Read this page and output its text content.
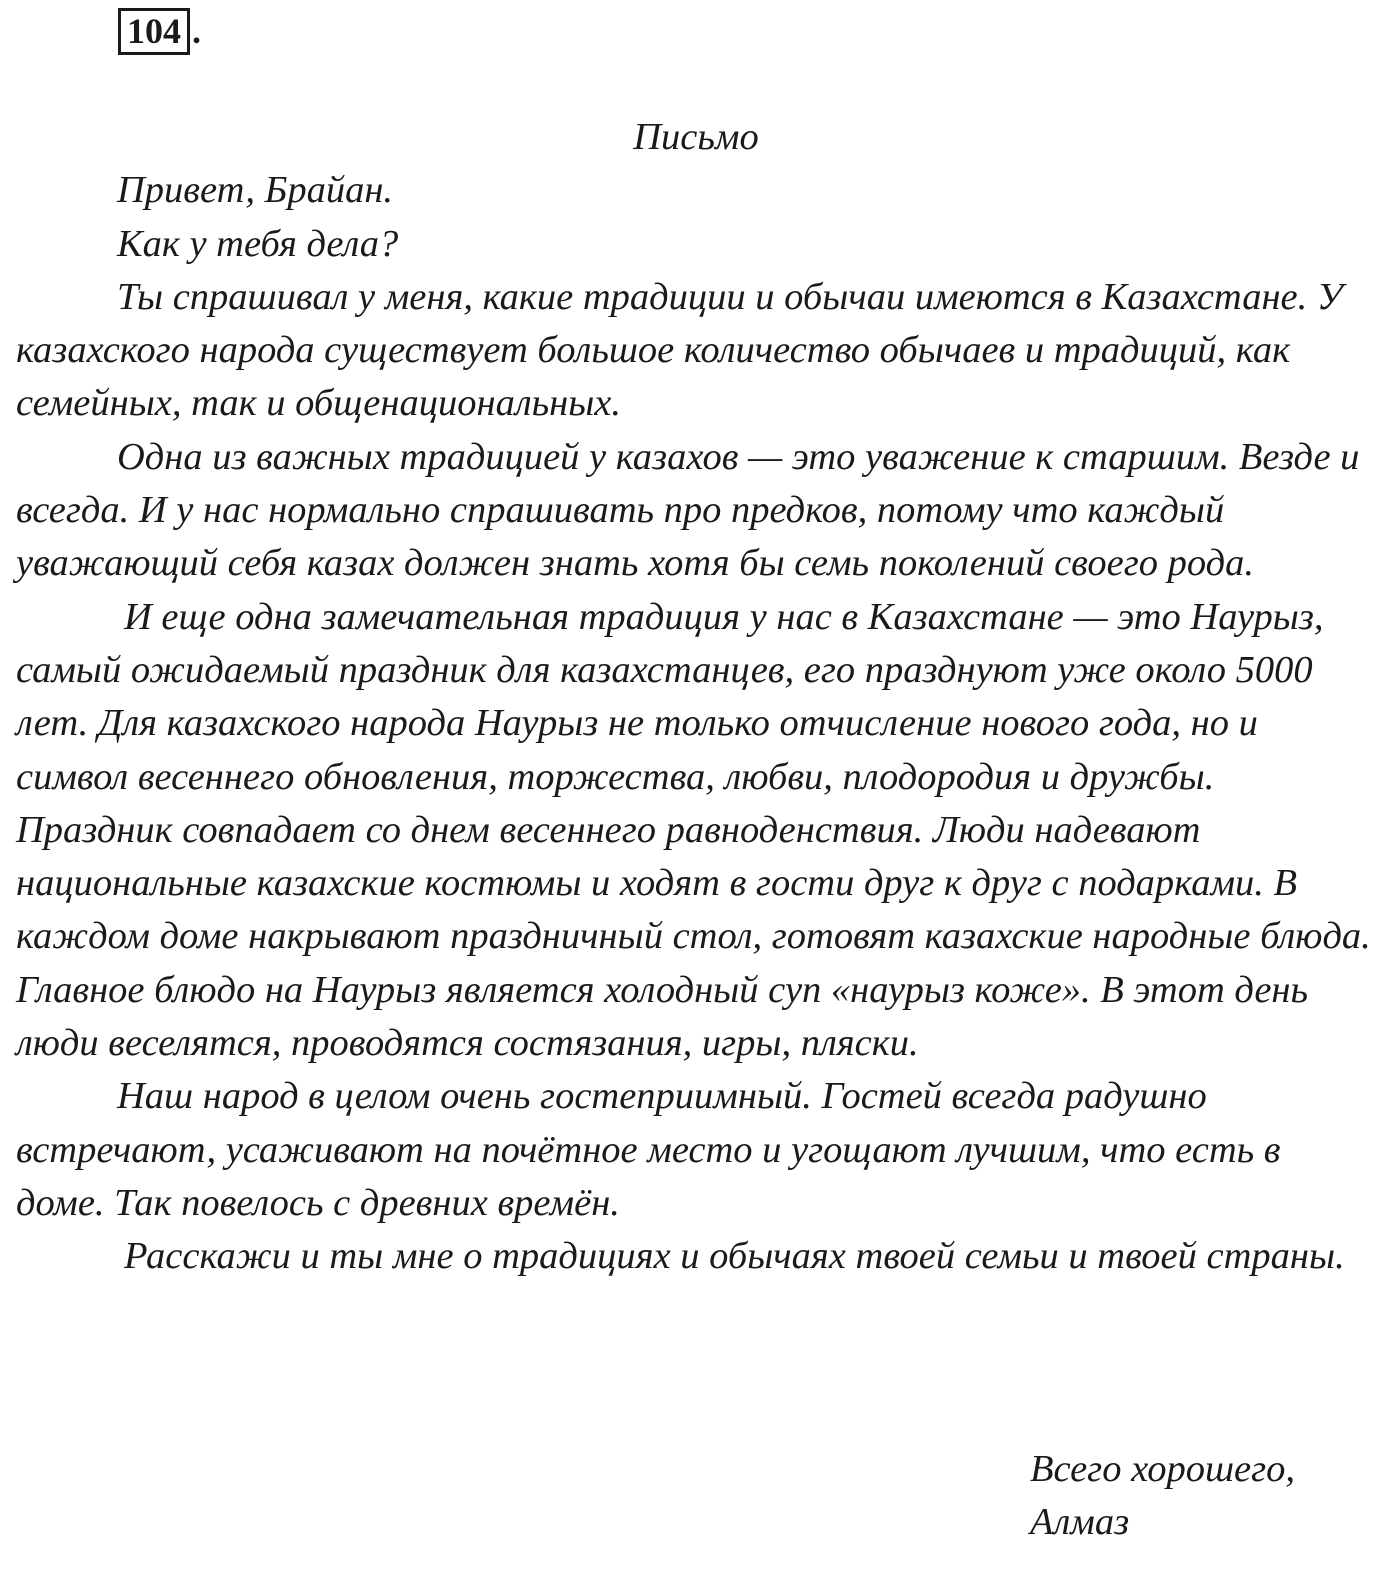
104 .

Письмо

Привет, Брайан.

Как у тебя дела?

Ты спрашивал у меня, какие традиции и обычаи имеются в Казахстане. У казахского народа существует большое количество обычаев и традиций, как семейных, так и общенациональных.

Одна из важных традицией у казахов — это уважение к старшим. Везде и всегда. И у нас нормально спрашивать про предков, потому что каждый уважающий себя казах должен знать хотя бы семь поколений своего рода.

И еще одна замечательная традиция у нас в Казахстане — это Наурыз, самый ожидаемый праздник для казахстанцев, его празднуют уже около 5000 лет. Для казахского народа Наурыз не только отчисление нового года, но и символ весеннего обновления, торжества, любви, плодородия и дружбы. Праздник совпадает со днем весеннего равноденствия. Люди надевают национальные казахские костюмы и ходят в гости друг к друг с подарками. В каждом доме накрывают праздничный стол, готовят казахские народные блюда. Главное блюдо на Наурыз является холодный суп «наурыз коже». В этот день люди веселятся, проводятся состязания, игры, пляски.

Наш народ в целом очень гостеприимный. Гостей всегда радушно встречают, усаживают на почётное место и угощают лучшим, что есть в доме. Так повелось с древних времён.

Расскажи и ты мне о традициях и обычаях твоей семьи и твоей страны.

Всего хорошего,

Алмаз
